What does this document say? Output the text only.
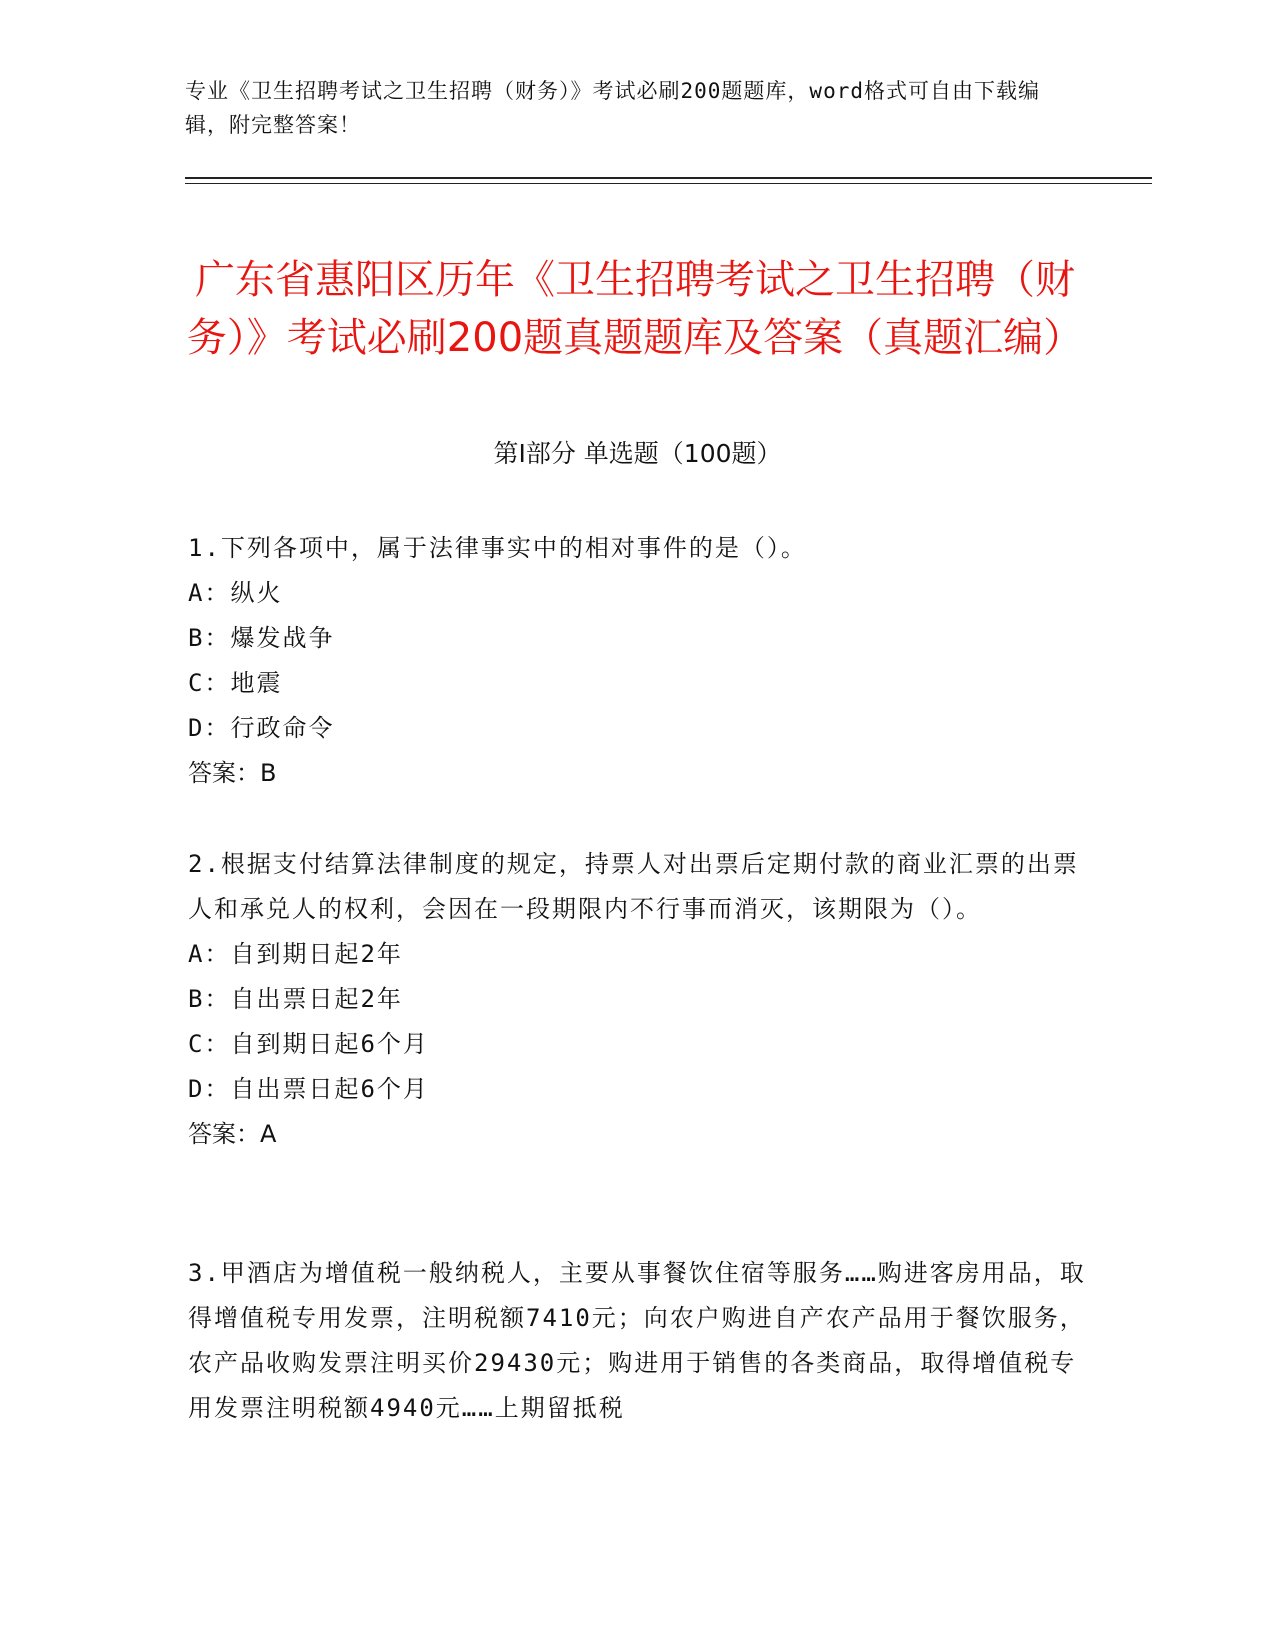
专业《卫生招聘考试之卫生招聘（财务）》考试必刷200题题库，word格式可自由下载编辑，附完整答案！
广东省惠阳区历年《卫生招聘考试之卫生招聘（财务）》考试必刷200题真题题库及答案（真题汇编）
第Ⅰ部分 单选题（100题）

1.下列各项中，属于法律事实中的相对事件的是（）。

A：纵火

B：爆发战争

C：地震

D：行政命令

答案：B

2.根据支付结算法律制度的规定，持票人对出票后定期付款的商业汇票的出票人和承兑人的权利，会因在一段期限内不行事而消灭，该期限为（）。

A：自到期日起2年

B：自出票日起2年

C：自到期日起6个月

D：自出票日起6个月

答案：A

3.甲酒店为增值税一般纳税人，主要从事餐饮住宿等服务……购进客房用品，取得增值税专用发票，注明税额7410元；向农户购进自产农产品用于餐饮服务，农产品收购发票注明买价29430元；购进用于销售的各类商品，取得增值税专用发票注明税额4940元……上期留抵税
